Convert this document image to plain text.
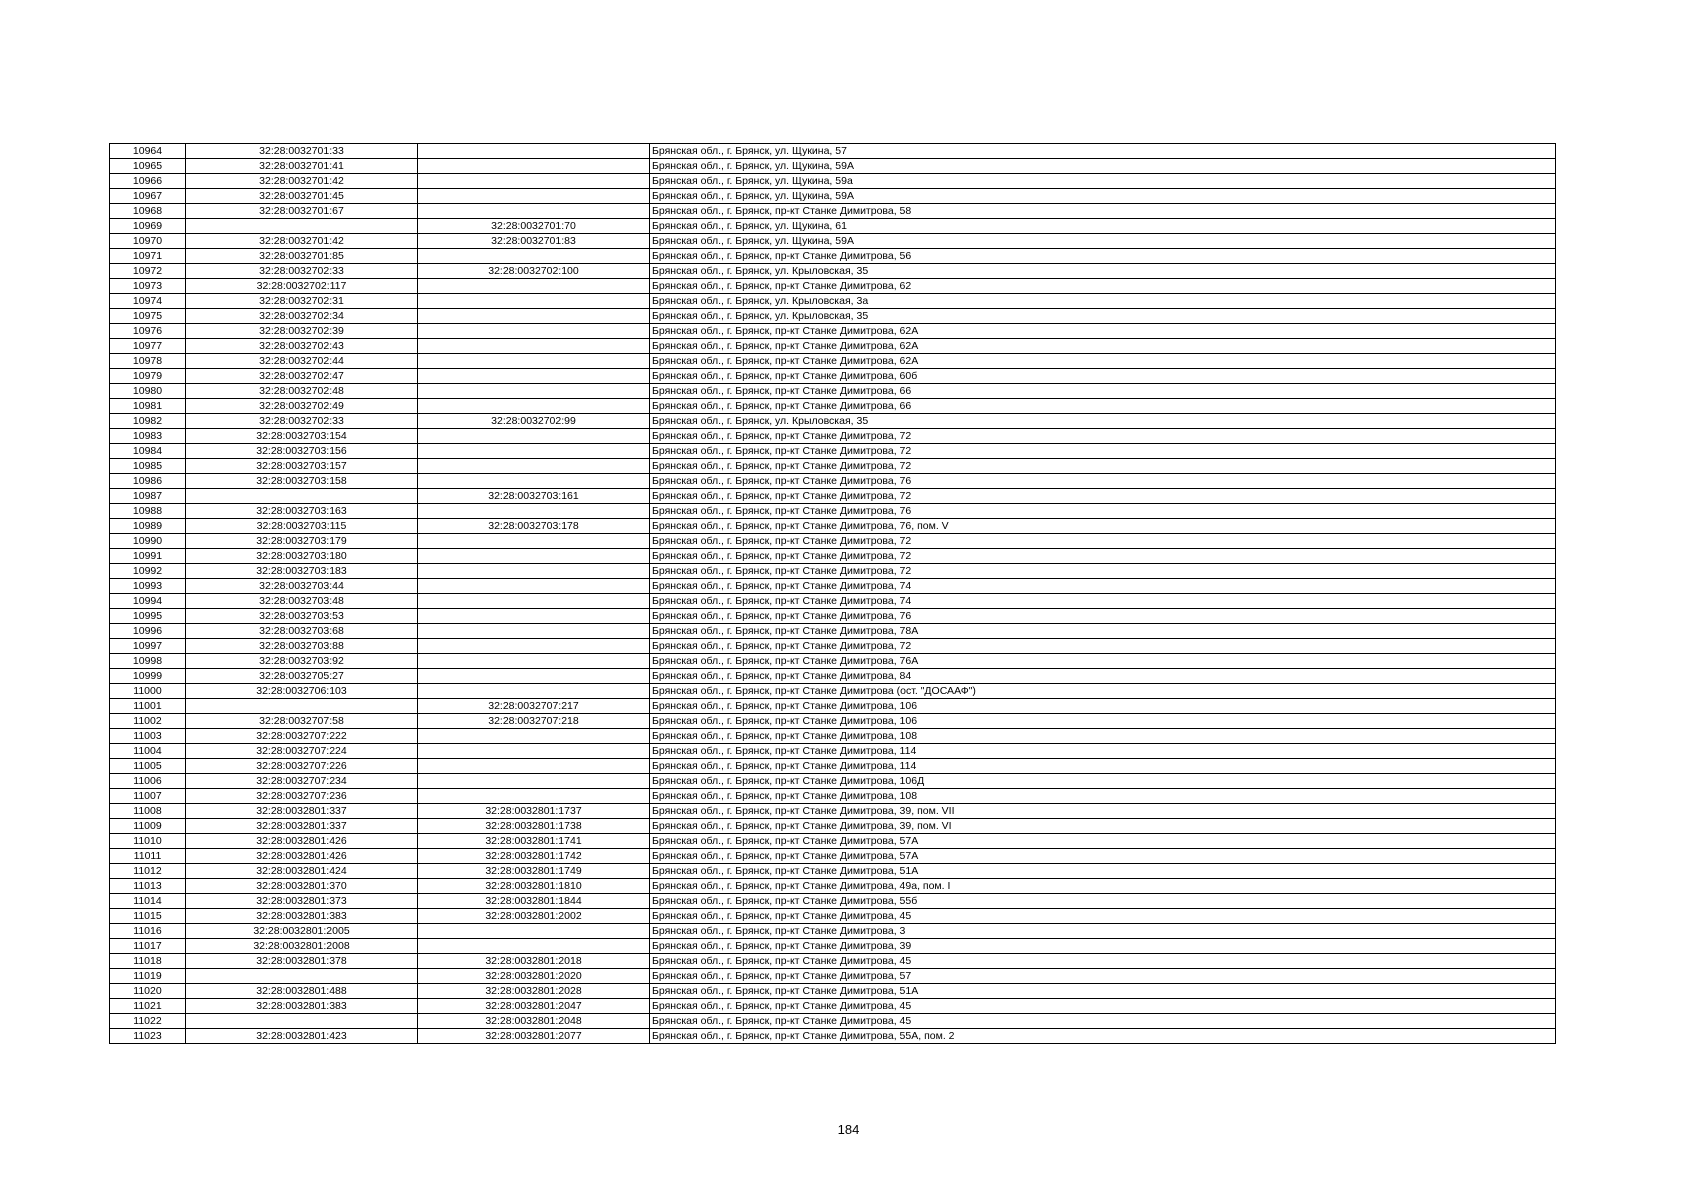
10964	32:28:0032701:33		Брянская обл., г. Брянск, ул. Щукина, 57
10965	32:28:0032701:41		Брянская обл., г. Брянск, ул. Щукина, 59А
10966	32:28:0032701:42		Брянская обл., г. Брянск, ул. Щукина, 59а
10967	32:28:0032701:45		Брянская обл., г. Брянск, ул. Щукина, 59А
10968	32:28:0032701:67		Брянская обл., г. Брянск, пр-кт Станке Димитрова, 58
10969		32:28:0032701:70	Брянская обл., г. Брянск, ул. Щукина, 61
10970	32:28:0032701:42	32:28:0032701:83	Брянская обл., г. Брянск, ул. Щукина, 59А
10971	32:28:0032701:85		Брянская обл., г. Брянск, пр-кт Станке Димитрова, 56
10972	32:28:0032702:33	32:28:0032702:100	Брянская обл., г. Брянск, ул. Крыловская, 35
10973	32:28:0032702:117		Брянская обл., г. Брянск, пр-кт Станке Димитрова, 62
10974	32:28:0032702:31		Брянская обл., г. Брянск, ул. Крыловская, 3а
10975	32:28:0032702:34		Брянская обл., г. Брянск, ул. Крыловская, 35
10976	32:28:0032702:39		Брянская обл., г. Брянск, пр-кт Станке Димитрова, 62А
10977	32:28:0032702:43		Брянская обл., г. Брянск, пр-кт Станке Димитрова, 62А
10978	32:28:0032702:44		Брянская обл., г. Брянск, пр-кт Станке Димитрова, 62А
10979	32:28:0032702:47		Брянская обл., г. Брянск, пр-кт Станке Димитрова, 60б
10980	32:28:0032702:48		Брянская обл., г. Брянск, пр-кт Станке Димитрова, 66
10981	32:28:0032702:49		Брянская обл., г. Брянск, пр-кт Станке Димитрова, 66
10982	32:28:0032702:33	32:28:0032702:99	Брянская обл., г. Брянск, ул. Крыловская, 35
10983	32:28:0032703:154		Брянская обл., г. Брянск, пр-кт Станке Димитрова, 72
10984	32:28:0032703:156		Брянская обл., г. Брянск, пр-кт Станке Димитрова, 72
10985	32:28:0032703:157		Брянская обл., г. Брянск, пр-кт Станке Димитрова, 72
10986	32:28:0032703:158		Брянская обл., г. Брянск, пр-кт Станке Димитрова, 76
10987		32:28:0032703:161	Брянская обл., г. Брянск, пр-кт Станке Димитрова, 72
10988	32:28:0032703:163		Брянская обл., г. Брянск, пр-кт Станке Димитрова, 76
10989	32:28:0032703:115	32:28:0032703:178	Брянская обл., г. Брянск, пр-кт Станке Димитрова, 76, пом. V
10990	32:28:0032703:179		Брянская обл., г. Брянск, пр-кт Станке Димитрова, 72
10991	32:28:0032703:180		Брянская обл., г. Брянск, пр-кт Станке Димитрова, 72
10992	32:28:0032703:183		Брянская обл., г. Брянск, пр-кт Станке Димитрова, 72
10993	32:28:0032703:44		Брянская обл., г. Брянск, пр-кт Станке Димитрова, 74
10994	32:28:0032703:48		Брянская обл., г. Брянск, пр-кт Станке Димитрова, 74
10995	32:28:0032703:53		Брянская обл., г. Брянск, пр-кт Станке Димитрова, 76
10996	32:28:0032703:68		Брянская обл., г. Брянск, пр-кт Станке Димитрова, 78А
10997	32:28:0032703:88		Брянская обл., г. Брянск, пр-кт Станке Димитрова, 72
10998	32:28:0032703:92		Брянская обл., г. Брянск, пр-кт Станке Димитрова, 76А
10999	32:28:0032705:27		Брянская обл., г. Брянск, пр-кт Станке Димитрова, 84
11000	32:28:0032706:103		Брянская обл., г. Брянск, пр-кт Станке Димитрова (ост. "ДОСААФ")
11001		32:28:0032707:217	Брянская обл., г. Брянск, пр-кт Станке Димитрова, 106
11002	32:28:0032707:58	32:28:0032707:218	Брянская обл., г. Брянск, пр-кт Станке Димитрова, 106
11003	32:28:0032707:222		Брянская обл., г. Брянск, пр-кт Станке Димитрова, 108
11004	32:28:0032707:224		Брянская обл., г. Брянск, пр-кт Станке Димитрова, 114
11005	32:28:0032707:226		Брянская обл., г. Брянск, пр-кт Станке Димитрова, 114
11006	32:28:0032707:234		Брянская обл., г. Брянск, пр-кт Станке Димитрова, 106Д
11007	32:28:0032707:236		Брянская обл., г. Брянск, пр-кт Станке Димитрова, 108
11008	32:28:0032801:337	32:28:0032801:1737	Брянская обл., г. Брянск, пр-кт Станке Димитрова, 39, пом. VII
11009	32:28:0032801:337	32:28:0032801:1738	Брянская обл., г. Брянск, пр-кт Станке Димитрова, 39, пом. VI
11010	32:28:0032801:426	32:28:0032801:1741	Брянская обл., г. Брянск, пр-кт Станке Димитрова, 57А
11011	32:28:0032801:426	32:28:0032801:1742	Брянская обл., г. Брянск, пр-кт Станке Димитрова, 57А
11012	32:28:0032801:424	32:28:0032801:1749	Брянская обл., г. Брянск, пр-кт Станке Димитрова, 51А
11013	32:28:0032801:370	32:28:0032801:1810	Брянская обл., г. Брянск, пр-кт Станке Димитрова, 49а, пом. I
11014	32:28:0032801:373	32:28:0032801:1844	Брянская обл., г. Брянск, пр-кт Станке Димитрова, 55б
11015	32:28:0032801:383	32:28:0032801:2002	Брянская обл., г. Брянск, пр-кт Станке Димитрова, 45
11016	32:28:0032801:2005		Брянская обл., г. Брянск, пр-кт Станке Димитрова, 3
11017	32:28:0032801:2008		Брянская обл., г. Брянск, пр-кт Станке Димитрова, 39
11018	32:28:0032801:378	32:28:0032801:2018	Брянская обл., г. Брянск, пр-кт Станке Димитрова, 45
11019		32:28:0032801:2020	Брянская обл., г. Брянск, пр-кт Станке Димитрова, 57
11020	32:28:0032801:488	32:28:0032801:2028	Брянская обл., г. Брянск, пр-кт Станке Димитрова, 51А
11021	32:28:0032801:383	32:28:0032801:2047	Брянская обл., г. Брянск, пр-кт Станке Димитрова, 45
11022		32:28:0032801:2048	Брянская обл., г. Брянск, пр-кт Станке Димитрова, 45
11023	32:28:0032801:423	32:28:0032801:2077	Брянская обл., г. Брянск, пр-кт Станке Димитрова, 55А, пом. 2
184
